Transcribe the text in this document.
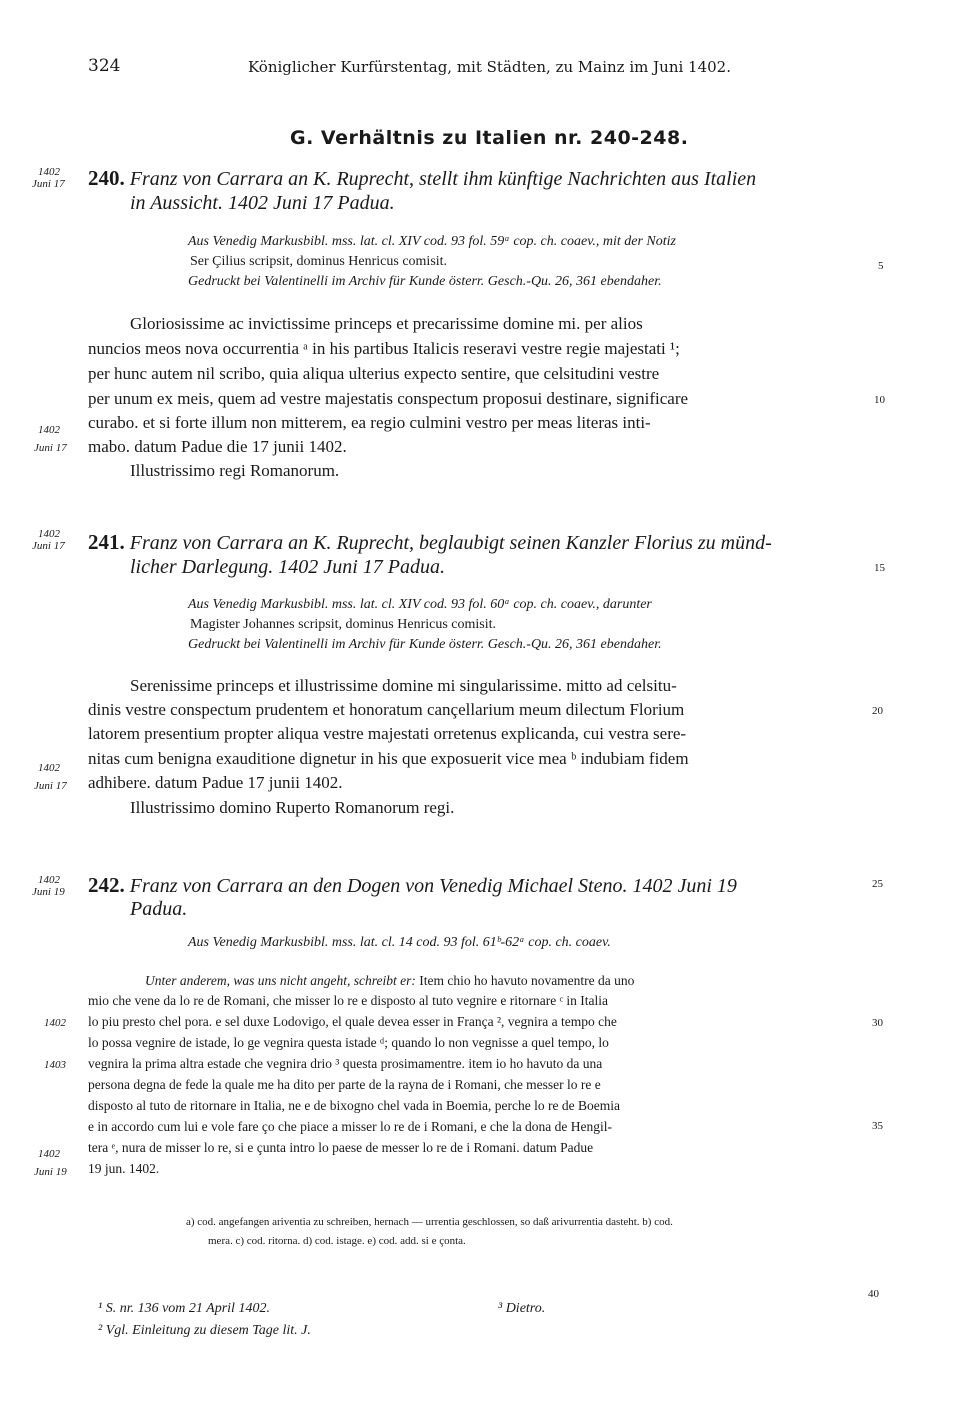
324	Königlicher Kurfürstentag, mit Städten, zu Mainz im Juni 1402.
G. Verhältnis zu Italien nr. 240-248.
1402
Juni 17 240. Franz von Carrara an K. Ruprecht, stellt ihm künftige Nachrichten aus Italien
in Aussicht. 1402 Juni 17 Padua.
Aus Venedig Markusbibl. mss. lat. cl. XIV cod. 93 fol. 59ᵃ cop. ch. coaev., mit der Notiz
Ser Çilius scripsit, dominus Henricus comisit.
Gedruckt bei Valentinelli im Archiv für Kunde österr. Gesch.-Qu. 26, 361 ebendaher.
Gloriosissime ac invictissime princeps et precarissime domine mi. per alios
nuncios meos nova occurrentia ᵃ in his partibus Italicis reseravi vestre regie majestati ¹;
per hunc autem nil scribo, quia aliqua ulterius expecto sentire, que celsitudini vestre
per unum ex meis, quem ad vestre majestatis conspectum proposui destinare, significare
curabo. et si forte illum non mitterem, ea regio culmini vestro per meas literas inti-
mabo. datum Padue die 17 junii 1402.
Illustrissimo regi Romanorum.
1402
Juni 17
1402
Juni 17 241. Franz von Carrara an K. Ruprecht, beglaubigt seinen Kanzler Florius zu münd-
licher Darlegung. 1402 Juni 17 Padua.
Aus Venedig Markusbibl. mss. lat. cl. XIV cod. 93 fol. 60ᵃ cop. ch. coaev., darunter
Magister Johannes scripsit, dominus Henricus comisit.
Gedruckt bei Valentinelli im Archiv für Kunde österr. Gesch.-Qu. 26, 361 ebendaher.
Serenissime princeps et illustrissime domine mi singularissime. mitto ad celsitu-
dinis vestre conspectum prudentem et honoratum cançellarium meum dilectum Florium
latorem presentium propter aliqua vestre majestati orretenus explicanda, cui vestra sere-
nitas cum benigna exauditione dignetur in his que exposuerit vice mea ᵇ indubiam fidem
adhibere. datum Padue 17 junii 1402.
Illustrissimo domino Ruperto Romanorum regi.
1402
Juni 17
1402
Juni 19 242. Franz von Carrara an den Dogen von Venedig Michael Steno. 1402 Juni 19
Padua.
Aus Venedig Markusbibl. mss. lat. cl. 14 cod. 93 fol. 61ᵇ-62ᵃ cop. ch. coaev.
Unter anderem, was uns nicht angeht, schreibt er: Item chio ho havuto novamentre da uno
mio che vene da lo re de Romani, che misser lo re e disposto al tuto vegnire e ritornare ᶜ in Italia
lo piu presto chel pora. e sel duxe Lodovigo, el quale devea esser in Françа ², vegnira a tempo che
lo possa vegnire de istade, lo ge vegnira questa istade ᵈ; quando lo non vegnisse a quel tempo, lo
vegnira la prima altra estade che vegnira drio ³ questa prosimamentre. item io ho havuto da una
persona degna de fede la quale me ha dito per parte de la rayna de i Romani, che messer lo re e
disposto al tuto de ritornare in Italia, ne e de bixogno chel vada in Boemia, perche lo re de Boemia
e in accordo cum lui e vole fare ço che piace a misser lo re de i Romani, e che la dona de Hengil-
tera ᵉ, nura de misser lo re, si e çunta intro lo paese de messer lo re de i Romani. datum Padue
19 jun. 1402.
1402
1403
1402
Juni 19
5
10
15
20
25
30
35
a) cod. angefangen ariventia zu schreiben, hernach — urrentia geschlossen, so daß arivurrentia dasteht. b) cod.
mera. c) cod. ritorna. d) cod. istage. e) cod. add. si e çonta.
¹ S. nr. 136 vom 21 April 1402.	³ Dietro.
² Vgl. Einleitung zu diesem Tage lit. J.
40
